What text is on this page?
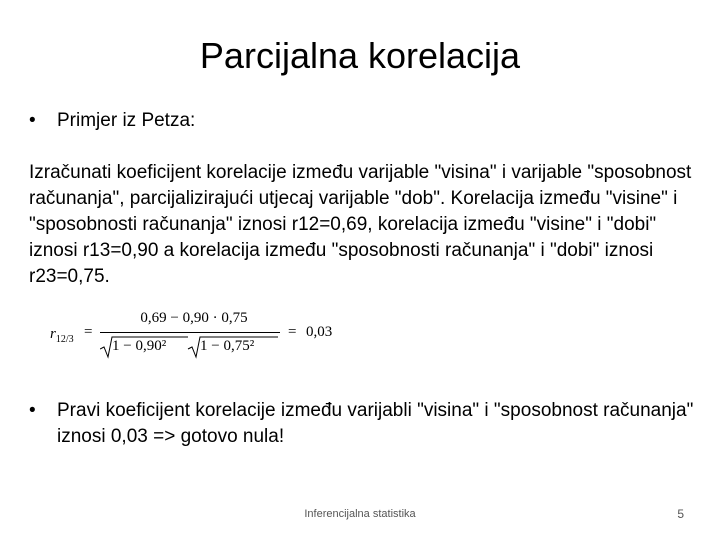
Parcijalna korelacija
•	Primjer iz Petza:
Izračunati koeficijent korelacije između varijable "visina" i varijable "sposobnost računanja", parcijalizirajući utjecaj varijable "dob". Korelacija između "visine" i "sposobnosti računanja" iznosi r12=0,69, korelacija između "visine" i "dobi" iznosi r13=0,90 a korelacija između "sposobnosti računanja" i "dobi" iznosi r23=0,75.
$r_{12/3}$ =
0,69 − 0,90 · 0,75
1 − 0,90² 1 − 0,75²
= 0,03
•	Pravi koeficijent korelacije između varijabli "visina" i "sposobnost računanja" iznosi 0,03 => gotovo nula!
Inferencijalna statistika	5
